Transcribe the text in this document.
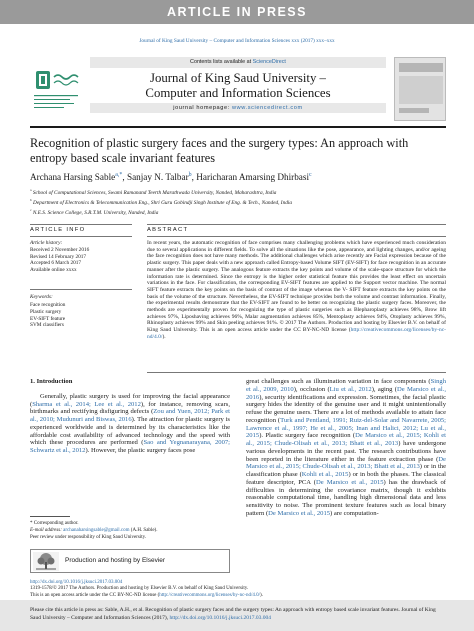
ARTICLE IN PRESS
Journal of King Saud University – Computer and Information Sciences xxx (2017) xxx–xxx
Contents lists available at ScienceDirect
Journal of King Saud University –
Computer and Information Sciences
journal homepage: www.sciencedirect.com
Recognition of plastic surgery faces and the surgery types: An approach with entropy based scale invariant features
Archana Harsing Sable$^{a,*}$, Sanjay N. Talbar$^b$, Haricharan Amarsing Dhirbasi$^c$
$^a$ School of Computational Sciences, Swami Ramanand Teerth Marathwada University, Nanded, Maharashtra, India
$^b$ Department of Electronics & Telecommunication Eng., Shri Guru Gobindji Singh Institute of Eng. & Tech., Nanded, India
$^c$ N.E.S. Science College, S.R.T.M. University, Nanded, India
ARTICLE INFO	ABSTRACT
Article history:
Received 2 November 2016
Revised 14 February 2017
Accepted 6 March 2017
Available online xxxx
Keywords:
Face recognition
Plastic surgery
EV-SIFT feature
SVM classifiers
In recent years, the automatic recognition of face comprises many challenging problems which have experienced much consideration due to several applications in different fields. To solve all the situations like the pose, appearance, and lighting changes, and/or ageing the face recognition does not have many methods. The additional challenges which arise recently are Facial expression because of the plastic surgery. This paper deals with a new approach called Entropy-based Volume SIFT (EV-SIFT) for face recognition in an accurate manner after the plastic surgery. The analogous feature extracts the key points and volume of the scale-space structure for which the information rate is determined. Since the entropy is the higher order statistical feature this provides the least effect on uncertain variations in the face. For classification, the corresponding EV-SIFT features are applied to the Support vector machine. The normal SIFT feature extracts the key points on the basis of contrast of the image whereas the V- SIFT feature extracts the key points on the basis of the volume of the structure. Nevertheless, the EV-SIFT technique provides both the volume and contrast information. Finally, the experimental results demonstrate that the EV-SIFT are found to be better on recognizing the plastic surgery faces. Moreover, the methods are experimentally proven for recognizing the type of plastic surgeries such as Blepharoplasty achieves 98%, Brow lift achieves 97%, Liposhaving achieves 96%, Malar augmentation achieves 85%, Mentoplasty achieves 94%, Otoplasty achieves 99%, Rhinoplasty achieves 99% and Skin peeling achieves 91%. © 2017 The Authors. Production and hosting by Elsevier B.V. on behalf of King Saud University. This is an open access article under the CC BY-NC-ND license (http://creativecommons.org/licenses/by-nc-nd/4.0/).
1. Introduction

Generally, plastic surgery is used for improving the facial appearance (Sharma et al., 2014; Lee et al., 2012), for instance, removing scars, birthmarks and rectifying disfiguring defects (Zou and Yuen, 2012; Park et al., 2010; Mudunuri and Biswas, 2016). The attraction for plastic surgery is experienced worldwide and is determined by its characteristics like the affordable cost availability of advanced technology and the speed with which these procedures are performed (Sao and Yegnanarayana, 2007; Schwartz et al., 2012). However, the plastic surgery faces pose

great challenges such as illumination variation in face components (Singh et al., 2009, 2010), occlusion (Liu et al., 2012), aging (De Marsico et al., 2016), security identifications and expression. Sometimes, the facial plastic surgery hides the identity of the genuine user and it might unintentionally refuse the genuine users. There are a lot of methods available to attain face recognition (Turk and Pentland, 1991; Ruiz-del-Solar and Navarrete, 2005; Lawrence et al., 1997; He et al., 2005; Inan and Halici, 2012; Lu et al., 2015). Plastic surgery face recognition (De Marsico et al., 2015; Kohli et al., 2015; Chude-Olisah et al., 2013; Bhatt et al., 2013) have undergone various developments in the recent past. The research contributions have been reported in the literature either in the feature extraction phase (De Marsico et al., 2015; Chude-Olisah et al., 2013; Bhatt et al., 2013) or in the classification phase (Kohli et al., 2015) or in both the phases. The classical feature descriptor, PCA (De Marsico et al., 2015) has the drawback of difficulties in determining the covariance matrix, though it exhibits reasonable computational time, handling high dimensional data and less sensitivity to noise. The prominent texture features such as local binary pattern (De Marsico et al., 2015) are computation-

* Corresponding author.
E-mail address: archanaharsingsable@gmail.com (A.H. Sable).
Peer review under responsibility of King Saud University.
Production and hosting by Elsevier
http://dx.doi.org/10.1016/j.jksuci.2017.03.004
1319-1578/© 2017 The Authors. Production and hosting by Elsevier B.V. on behalf of King Saud University.
This is an open access article under the CC BY-NC-ND license (http://creativecommons.org/licenses/by-nc-nd/4.0/).
Please cite this article in press as: Sable, A.H., et al. Recognition of plastic surgery faces and the surgery types: An approach with entropy based scale invariant features. Journal of King Saud University – Computer and Information Sciences (2017), http://dx.doi.org/10.1016/j.jksuci.2017.03.004
